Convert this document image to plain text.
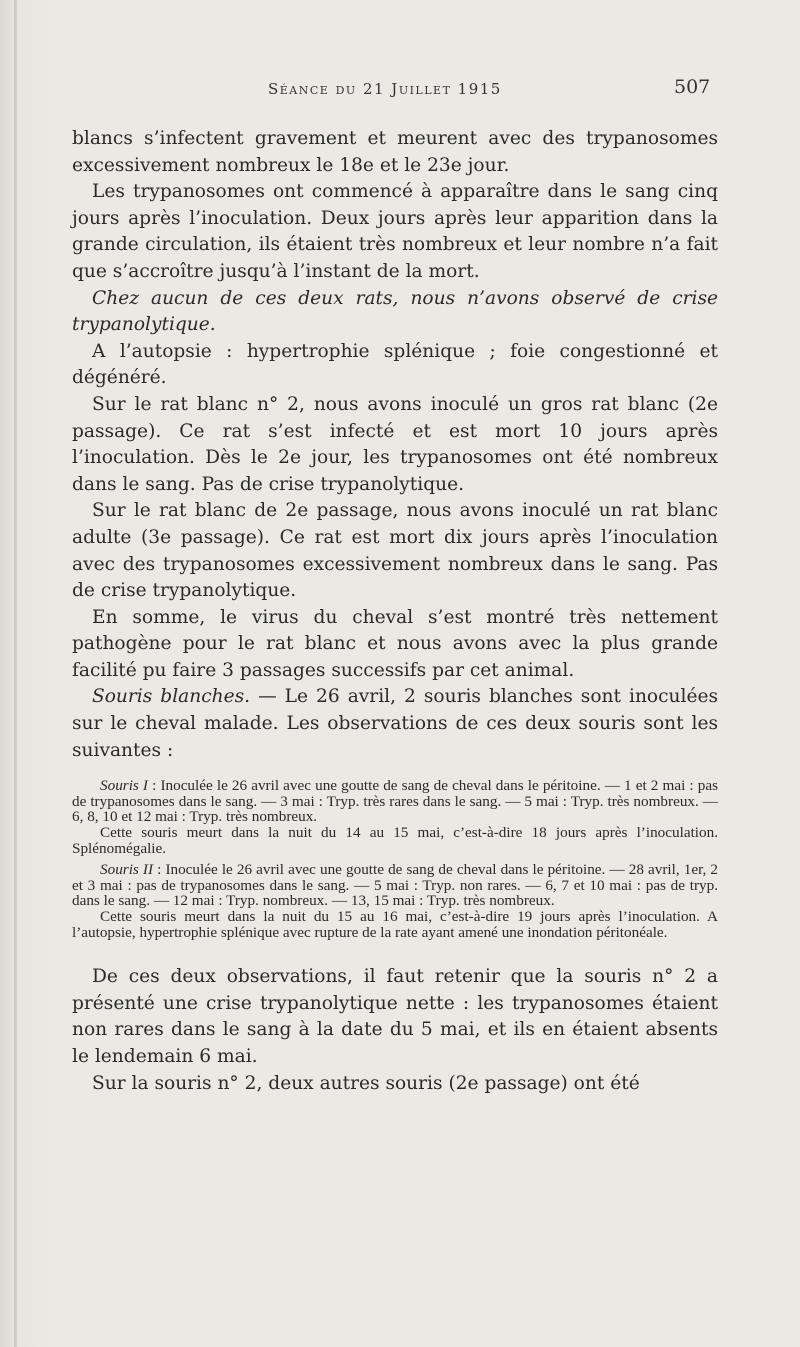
Séance du 21 Juillet 1915	507

blancs s’infectent gravement et meurent avec des trypanosomes excessivement nombreux le 18e et le 23e jour.

Les trypanosomes ont commencé à apparaître dans le sang cinq jours après l’inoculation. Deux jours après leur apparition dans la grande circulation, ils étaient très nombreux et leur nombre n’a fait que s’accroître jusqu’à l’instant de la mort.

Chez aucun de ces deux rats, nous n’avons observé de crise trypanolytique.

A l’autopsie : hypertrophie splénique ; foie congestionné et dégénéré.

Sur le rat blanc n° 2, nous avons inoculé un gros rat blanc (2e passage). Ce rat s’est infecté et est mort 10 jours après l’inoculation. Dès le 2e jour, les trypanosomes ont été nombreux dans le sang. Pas de crise trypanolytique.

Sur le rat blanc de 2e passage, nous avons inoculé un rat blanc adulte (3e passage). Ce rat est mort dix jours après l’inoculation avec des trypanosomes excessivement nombreux dans le sang. Pas de crise trypanolytique.

En somme, le virus du cheval s’est montré très nettement pathogène pour le rat blanc et nous avons avec la plus grande facilité pu faire 3 passages successifs par cet animal.

Souris blanches. — Le 26 avril, 2 souris blanches sont inoculées sur le cheval malade. Les observations de ces deux souris sont les suivantes :

Souris I : Inoculée le 26 avril avec une goutte de sang de cheval dans le péritoine. — 1 et 2 mai : pas de trypanosomes dans le sang. — 3 mai : Tryp. très rares dans le sang. — 5 mai : Tryp. très nombreux. — 6, 8, 10 et 12 mai : Tryp. très nombreux.

Cette souris meurt dans la nuit du 14 au 15 mai, c’est-à-dire 18 jours après l’inoculation. Splénomégalie.

Souris II : Inoculée le 26 avril avec une goutte de sang de cheval dans le péritoine. — 28 avril, 1er, 2 et 3 mai : pas de trypanosomes dans le sang. — 5 mai : Tryp. non rares. — 6, 7 et 10 mai : pas de tryp. dans le sang. — 12 mai : Tryp. nombreux. — 13, 15 mai : Tryp. très nombreux.

Cette souris meurt dans la nuit du 15 au 16 mai, c’est-à-dire 19 jours après l’inoculation. A l’autopsie, hypertrophie splénique avec rupture de la rate ayant amené une inondation péritonéale.

De ces deux observations, il faut retenir que la souris n° 2 a présenté une crise trypanolytique nette : les trypanosomes étaient non rares dans le sang à la date du 5 mai, et ils en étaient absents le lendemain 6 mai.

Sur la souris n° 2, deux autres souris (2e passage) ont été
